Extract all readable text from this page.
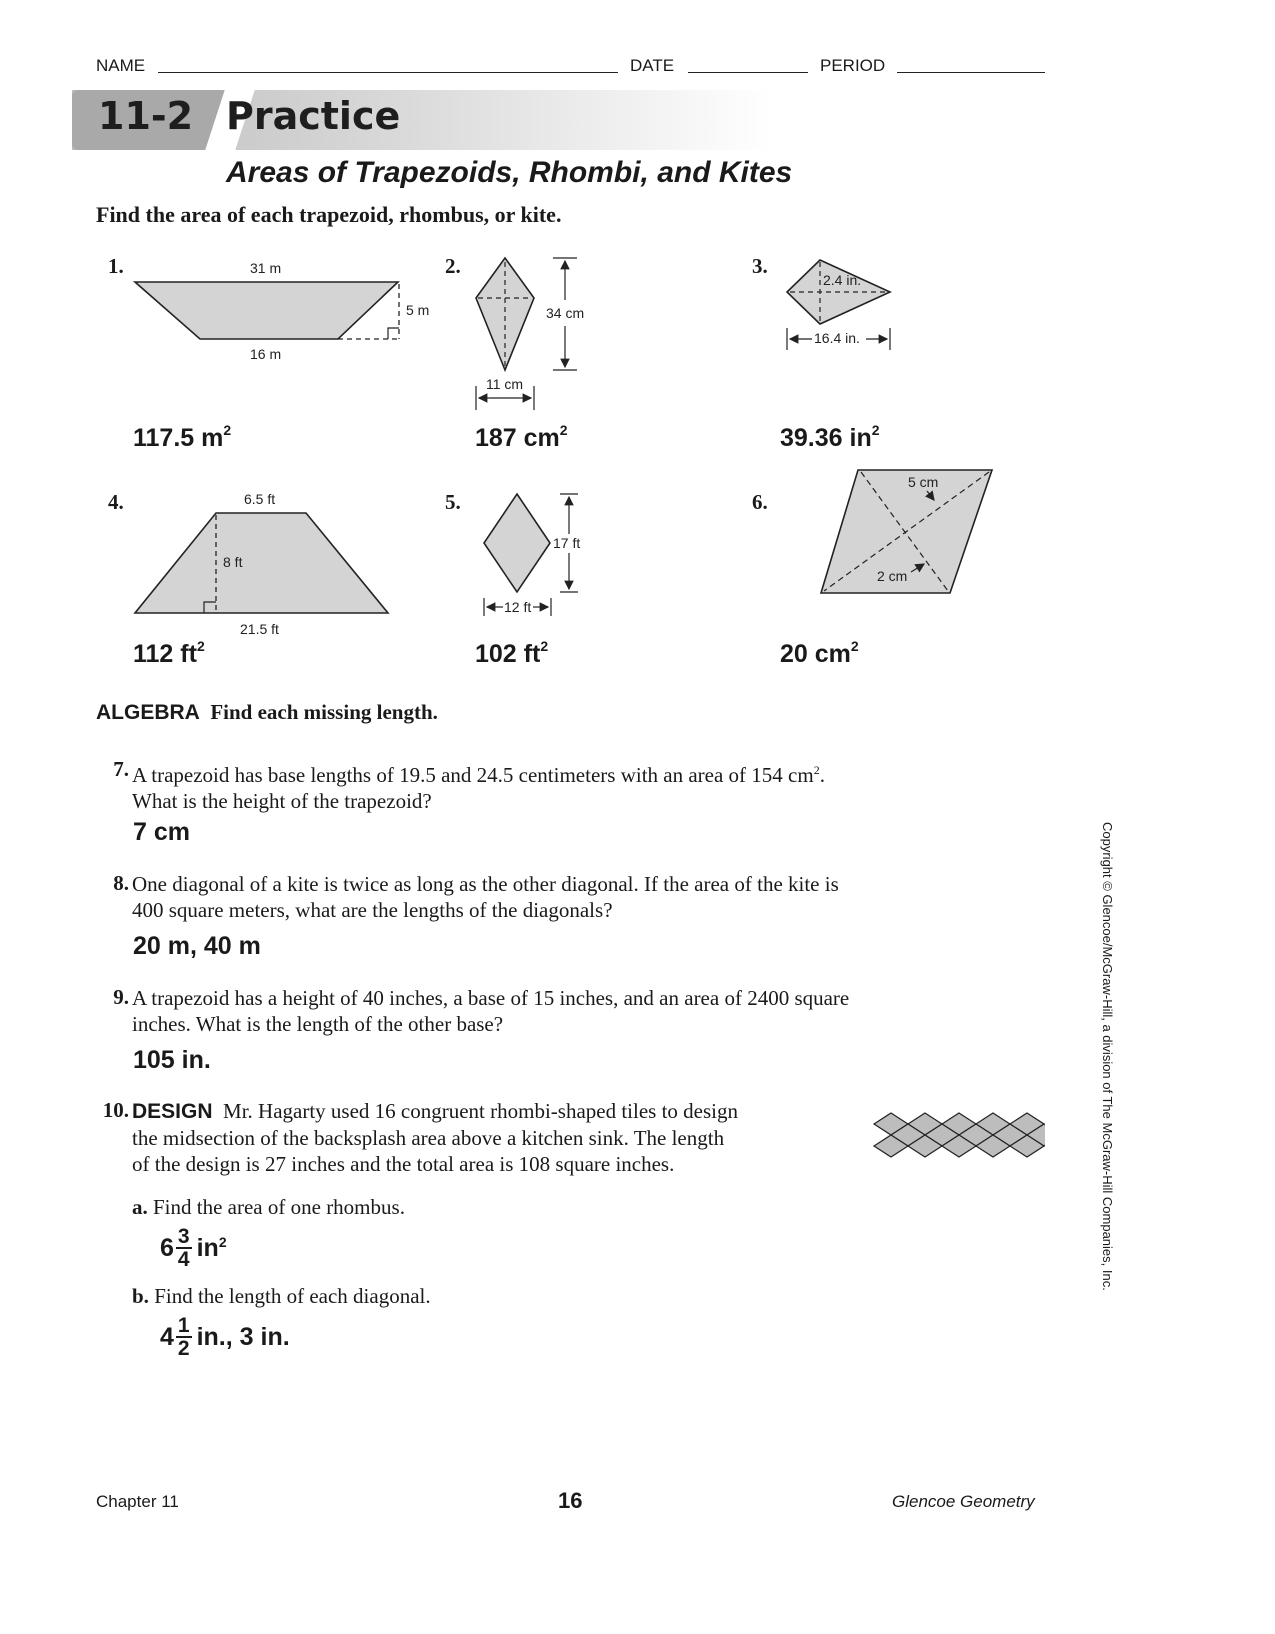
NAME	DATE	PERIOD
11-2 Practice
Areas of Trapezoids, Rhombi, and Kites
Find the area of each trapezoid, rhombus, or kite.
1.	2.	3.
4.	5.	6.
31 m
5 m
16 m
34 cm
11 cm
2.4 in.
16.4 in.
6.5 ft
8 ft
21.5 ft
17 ft
12 ft
5 cm
2 cm
117.5 $m^2$	187 $cm^2$	39.36 $in^2$
112 $ft^2$	102 $ft^2$	20 $cm^2$
ALGEBRA Find each missing length.
7. A trapezoid has base lengths of 19.5 and 24.5 centimeters with an area of 154 $cm^2$.
What is the height of the trapezoid?
7 cm
8. One diagonal of a kite is twice as long as the other diagonal. If the area of the kite is
400 square meters, what are the lengths of the diagonals?
20 m, 40 m
9. A trapezoid has a height of 40 inches, a base of 15 inches, and an area of 2400 square
inches. What is the length of the other base?
105 in.
10. DESIGN Mr. Hagarty used 16 congruent rhombi-shaped tiles to design
the midsection of the backsplash area above a kitchen sink. The length
of the design is 27 inches and the total area is 108 square inches.
a. Find the area of one rhombus.
$6 \frac{3}{4} in^2$
b. Find the length of each diagonal.
$4 \frac{1}{2}$ in., 3 in.
Copyright © Glencoe/McGraw-Hill, a division of The McGraw-Hill Companies, Inc.
Chapter 11	16	Glencoe Geometry
